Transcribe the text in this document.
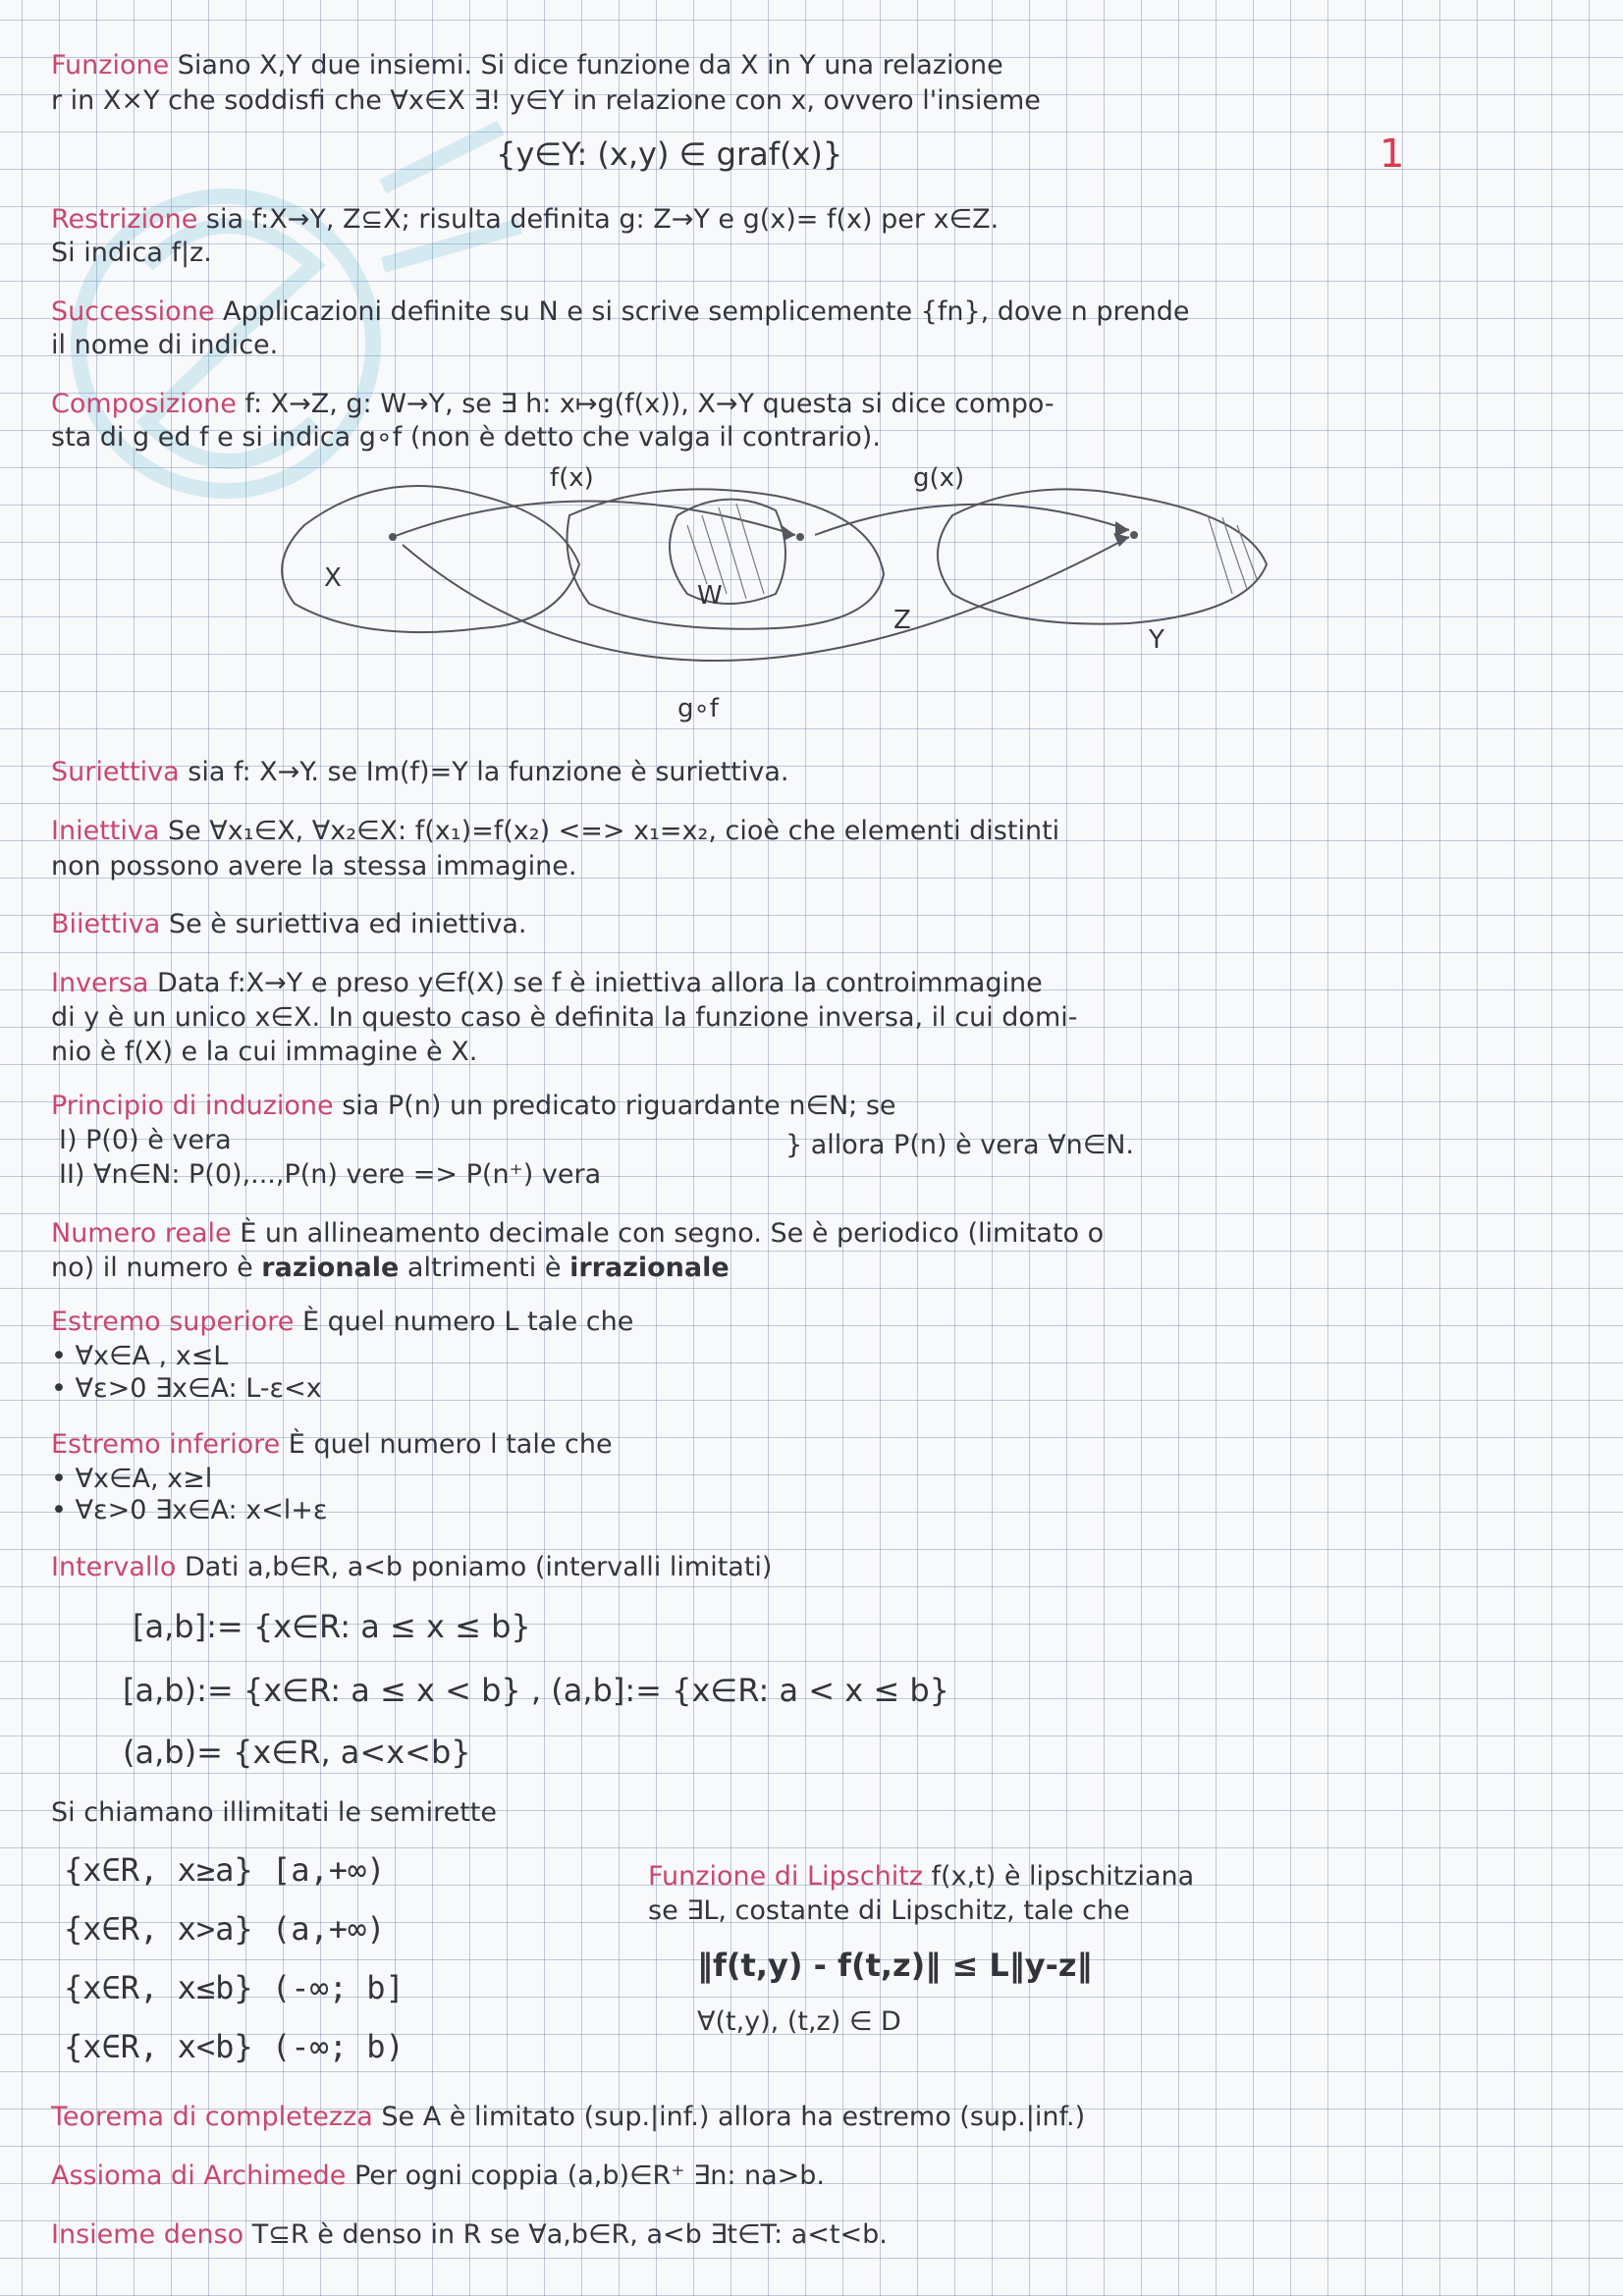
1
Funzione Siano X,Y due insiemi. Si dice funzione da X in Y una relazione
r in X×Y che soddisfi che ∀x∈X ∃! y∈Y in relazione con x, ovvero l'insieme
{y∈Y: (x,y) ∈ graf(x)}
Restrizione sia f:X→Y, Z⊆X; risulta definita g: Z→Y e g(x)= f(x) per x∈Z.
Si indica f|z.
Successione Applicazioni definite su N e si scrive semplicemente {fn}, dove n prende
il nome di indice.
Composizione f: X→Z, g: W→Y, se ∃ h: x↦g(f(x)), X→Y questa si dice compo-
sta di g ed f e si indica g∘f (non è detto che valga il contrario).
f(x)	g(x)
X
W
Z
Y
g∘f
Suriettiva sia f: X→Y. se Im(f)=Y la funzione è suriettiva.
Iniettiva Se ∀x₁∈X, ∀x₂∈X: f(x₁)=f(x₂) <=> x₁=x₂, cioè che elementi distinti
non possono avere la stessa immagine.
Biiettiva Se è suriettiva ed iniettiva.
Inversa Data f:X→Y e preso y∈f(X) se f è iniettiva allora la controimmagine
di y è un unico x∈X. In questo caso è definita la funzione inversa, il cui domi-
nio è f(X) e la cui immagine è X.
Principio di induzione sia P(n) un predicato riguardante n∈N; se
I) P(0) è vera	} allora P(n) è vera ∀n∈N.
II) ∀n∈N: P(0),...,P(n) vere => P(n⁺) vera
Numero reale È un allineamento decimale con segno. Se è periodico (limitato o
no) il numero è razionale altrimenti è irrazionale
Estremo superiore È quel numero L tale che
• ∀x∈A , x≤L
• ∀ε>0 ∃x∈A: L-ε<x
Estremo inferiore È quel numero l tale che
• ∀x∈A, x≥l
• ∀ε>0 ∃x∈A: x<l+ε
Intervallo Dati a,b∈R, a<b poniamo (intervalli limitati)
[a,b]:= {x∈R: a ≤ x ≤ b}
[a,b):= {x∈R: a ≤ x < b} , (a,b]:= {x∈R: a < x ≤ b}
(a,b)= {x∈R, a<x<b}
Si chiamano illimitati le semirette
{x∈R, x≥a} [a,+∞)
{x∈R, x>a} (a,+∞)
{x∈R, x≤b} (-∞; b]
{x∈R, x<b} (-∞; b)
Funzione di Lipschitz f(x,t) è lipschitziana
se ∃L, costante di Lipschitz, tale che
‖f(t,y) - f(t,z)‖ ≤ L‖y-z‖
∀(t,y), (t,z) ∈ D
Teorema di completezza Se A è limitato (sup.|inf.) allora ha estremo (sup.|inf.)
Assioma di Archimede Per ogni coppia (a,b)∈R⁺ ∃n: na>b.
Insieme denso T⊆R è denso in R se ∀a,b∈R, a<b ∃t∈T: a<t<b.
